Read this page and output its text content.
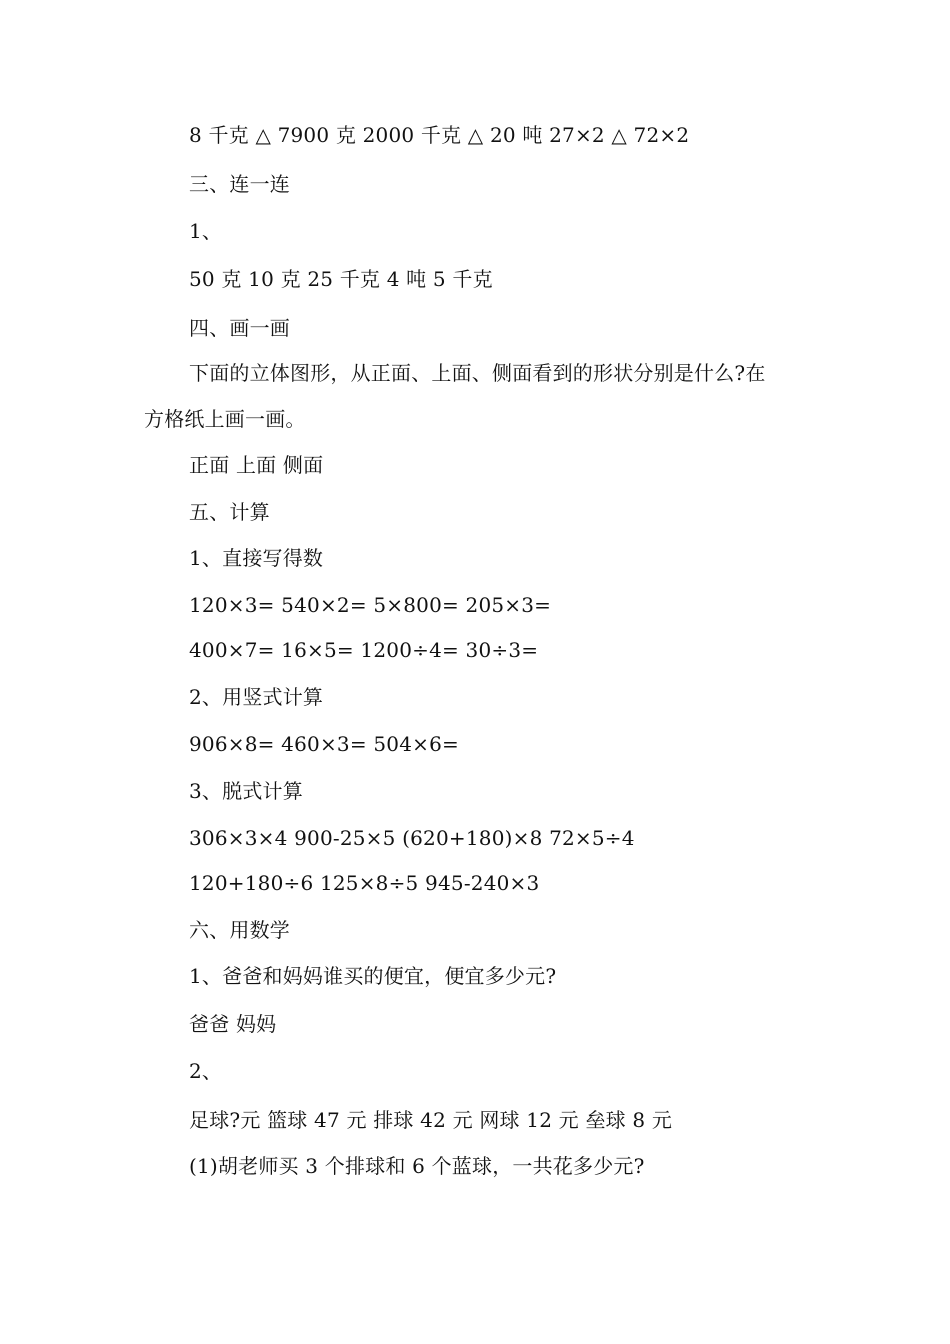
8 千克 △ 7900 克 2000 千克 △ 20 吨 27×2 △ 72×2
三、连一连
1、
50 克 10 克 25 千克 4 吨 5 千克
四、画一画
下面的立体图形，从正面、上面、侧面看到的形状分别是什么?在
方格纸上画一画。
正面 上面 侧面
五、计算
1、直接写得数
120×3= 540×2= 5×800= 205×3=
400×7= 16×5= 1200÷4= 30÷3=
2、用竖式计算
906×8= 460×3= 504×6=
3、脱式计算
306×3×4 900-25×5 (620+180)×8 72×5÷4
120+180÷6 125×8÷5 945-240×3
六、用数学
1、爸爸和妈妈谁买的便宜，便宜多少元?
爸爸 妈妈
2、
足球?元 篮球 47 元 排球 42 元 网球 12 元 垒球 8 元
(1)胡老师买 3 个排球和 6 个蓝球，一共花多少元?
